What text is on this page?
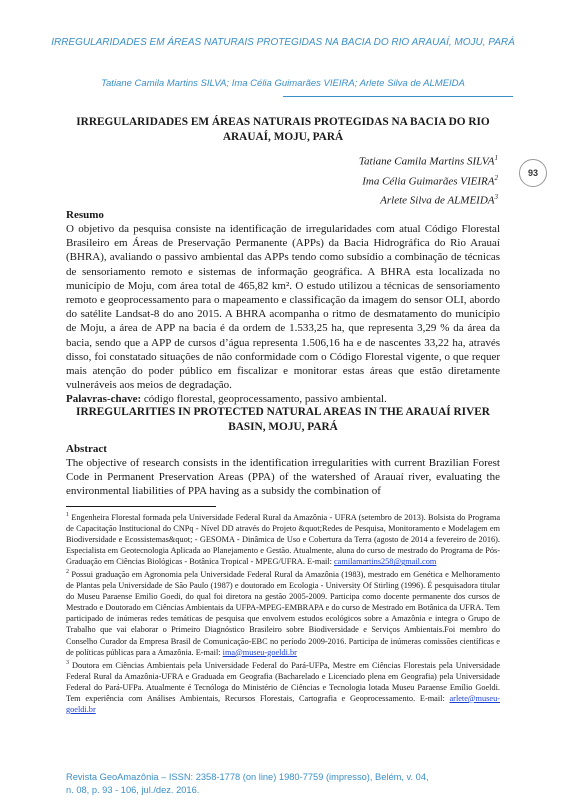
IRREGULARIDADES EM ÁREAS NATURAIS PROTEGIDAS NA BACIA DO RIO ARAUAÍ, MOJU, PARÁ
Tatiane Camila Martins SILVA; Ima Célia Guimarães VIEIRA; Arlete Silva de ALMEIDA
IRREGULARIDADES EM ÁREAS NATURAIS PROTEGIDAS NA BACIA DO RIO ARAUAÍ, MOJU, PARÁ
Tatiane Camila Martins SILVA$^1$
Ima Célia Guimarães VIEIRA$^2$
Arlete Silva de ALMEIDA$^3$
93
Resumo
O objetivo da pesquisa consiste na identificação de irregularidades com atual Código Florestal Brasileiro em Áreas de Preservação Permanente (APPs) da Bacia Hidrográfica do Rio Arauaí (BHRA), avaliando o passivo ambiental das APPs tendo como subsídio a combinação de técnicas de sensoriamento remoto e sistemas de informação geográfica. A BHRA esta localizada no município de Moju, com área total de 465,82 km². O estudo utilizou a técnicas de sensoriamento remoto e geoprocessamento para o mapeamento e classificação da imagem do sensor OLI, abordo do satélite Landsat-8 do ano 2015. A BHRA acompanha o ritmo de desmatamento do município de Moju, a área de APP na bacia é da ordem de 1.533,25 ha, que representa 3,29 % da área da bacia, sendo que a APP de cursos d’água representa 1.506,16 ha e de nascentes 33,22 ha, através disso, foi constatado situações de não conformidade com o Código Florestal vigente, o que requer mais atenção do poder público em fiscalizar e monitorar estas áreas que estão diretamente vulneráveis aos meios de degradação.
Palavras-chave: código florestal, geoprocessamento, passivo ambiental.
IRREGULARITIES IN PROTECTED NATURAL AREAS IN THE ARAUAÍ RIVER BASIN, MOJU, PARÁ
Abstract
The objective of research consists in the identification irregularities with current Brazilian Forest Code in Permanent Preservation Areas (PPA) of the watershed of Arauaí river, evaluating the environmental liabilities of PPA having as a subsidy the combination of

$^1$ Engenheira Florestal formada pela Universidade Federal Rural da Amazônia - UFRA (setembro de 2013). Bolsista do Programa de Capacitação Institucional do CNPq - Nível DD através do Projeto &quot;Redes de Pesquisa, Monitoramento e Modelagem em Biodiversidade e Ecossistemas&quot; - GESOMA - Dinâmica de Uso e Cobertura da Terra (agosto de 2014 a fevereiro de 2016). Especialista em Geotecnologia Aplicada ao Planejamento e Gestão. Atualmente, aluna do curso de mestrado do Programa de Pós-Graduação em Ciências Biológicas - Botânica Tropical - MPEG/UFRA. E-mail: camilamartins258@gmail.com

$^2$ Possui graduação em Agronomia pela Universidade Federal Rural da Amazônia (1983), mestrado em Genética e Melhoramento de Plantas pela Universidade de São Paulo (1987) e doutorado em Ecologia - University Of Stirling (1996). É pesquisadora titular do Museu Paraense Emilio Goedi, do qual foi diretora na gestão 2005-2009. Participa como docente permanente dos cursos de Mestrado e Doutorado em Ciências Ambientais da UFPA-MPEG-EMBRAPA e do curso de Mestrado em Botânica da UFRA. Tem participado de inúmeras redes temáticas de pesquisa que envolvem estudos ecológicos sobre a Amazônia e integra o Grupo de Trabalho que vai elaborar o Primeiro Diagnóstico Brasileiro sobre Biodiversidade e Serviços Ambientais.Foi membro do Conselho Curador da Empresa Brasil de Comunicação-EBC no período 2009-2016. Participa de inúmeras comissões científicas e de políticas públicas para a Amazônia. E-mail: ima@museu-goeldi.br

$^3$ Doutora em Ciências Ambientais pela Universidade Federal do Pará-UFPa, Mestre em Ciências Florestais pela Universidade Federal Rural da Amazônia-UFRA e Graduada em Geografia (Bacharelado e Licenciado plena em Geografia) pela Universidade Federal do Pará-UFPa. Atualmente é Tecnóloga do Ministério de Ciências e Tecnologia lotada Museu Paraense Emílio Goeldi. Tem experiência com Análises Ambientais, Recursos Florestais, Cartografia e Geoprocessamento. E-mail: arlete@museu-goeldi.br

Revista GeoAmazônia – ISSN: 2358-1778 (on line) 1980-7759 (impresso), Belém, v. 04,
n. 08, p. 93 - 106, jul./dez. 2016.
